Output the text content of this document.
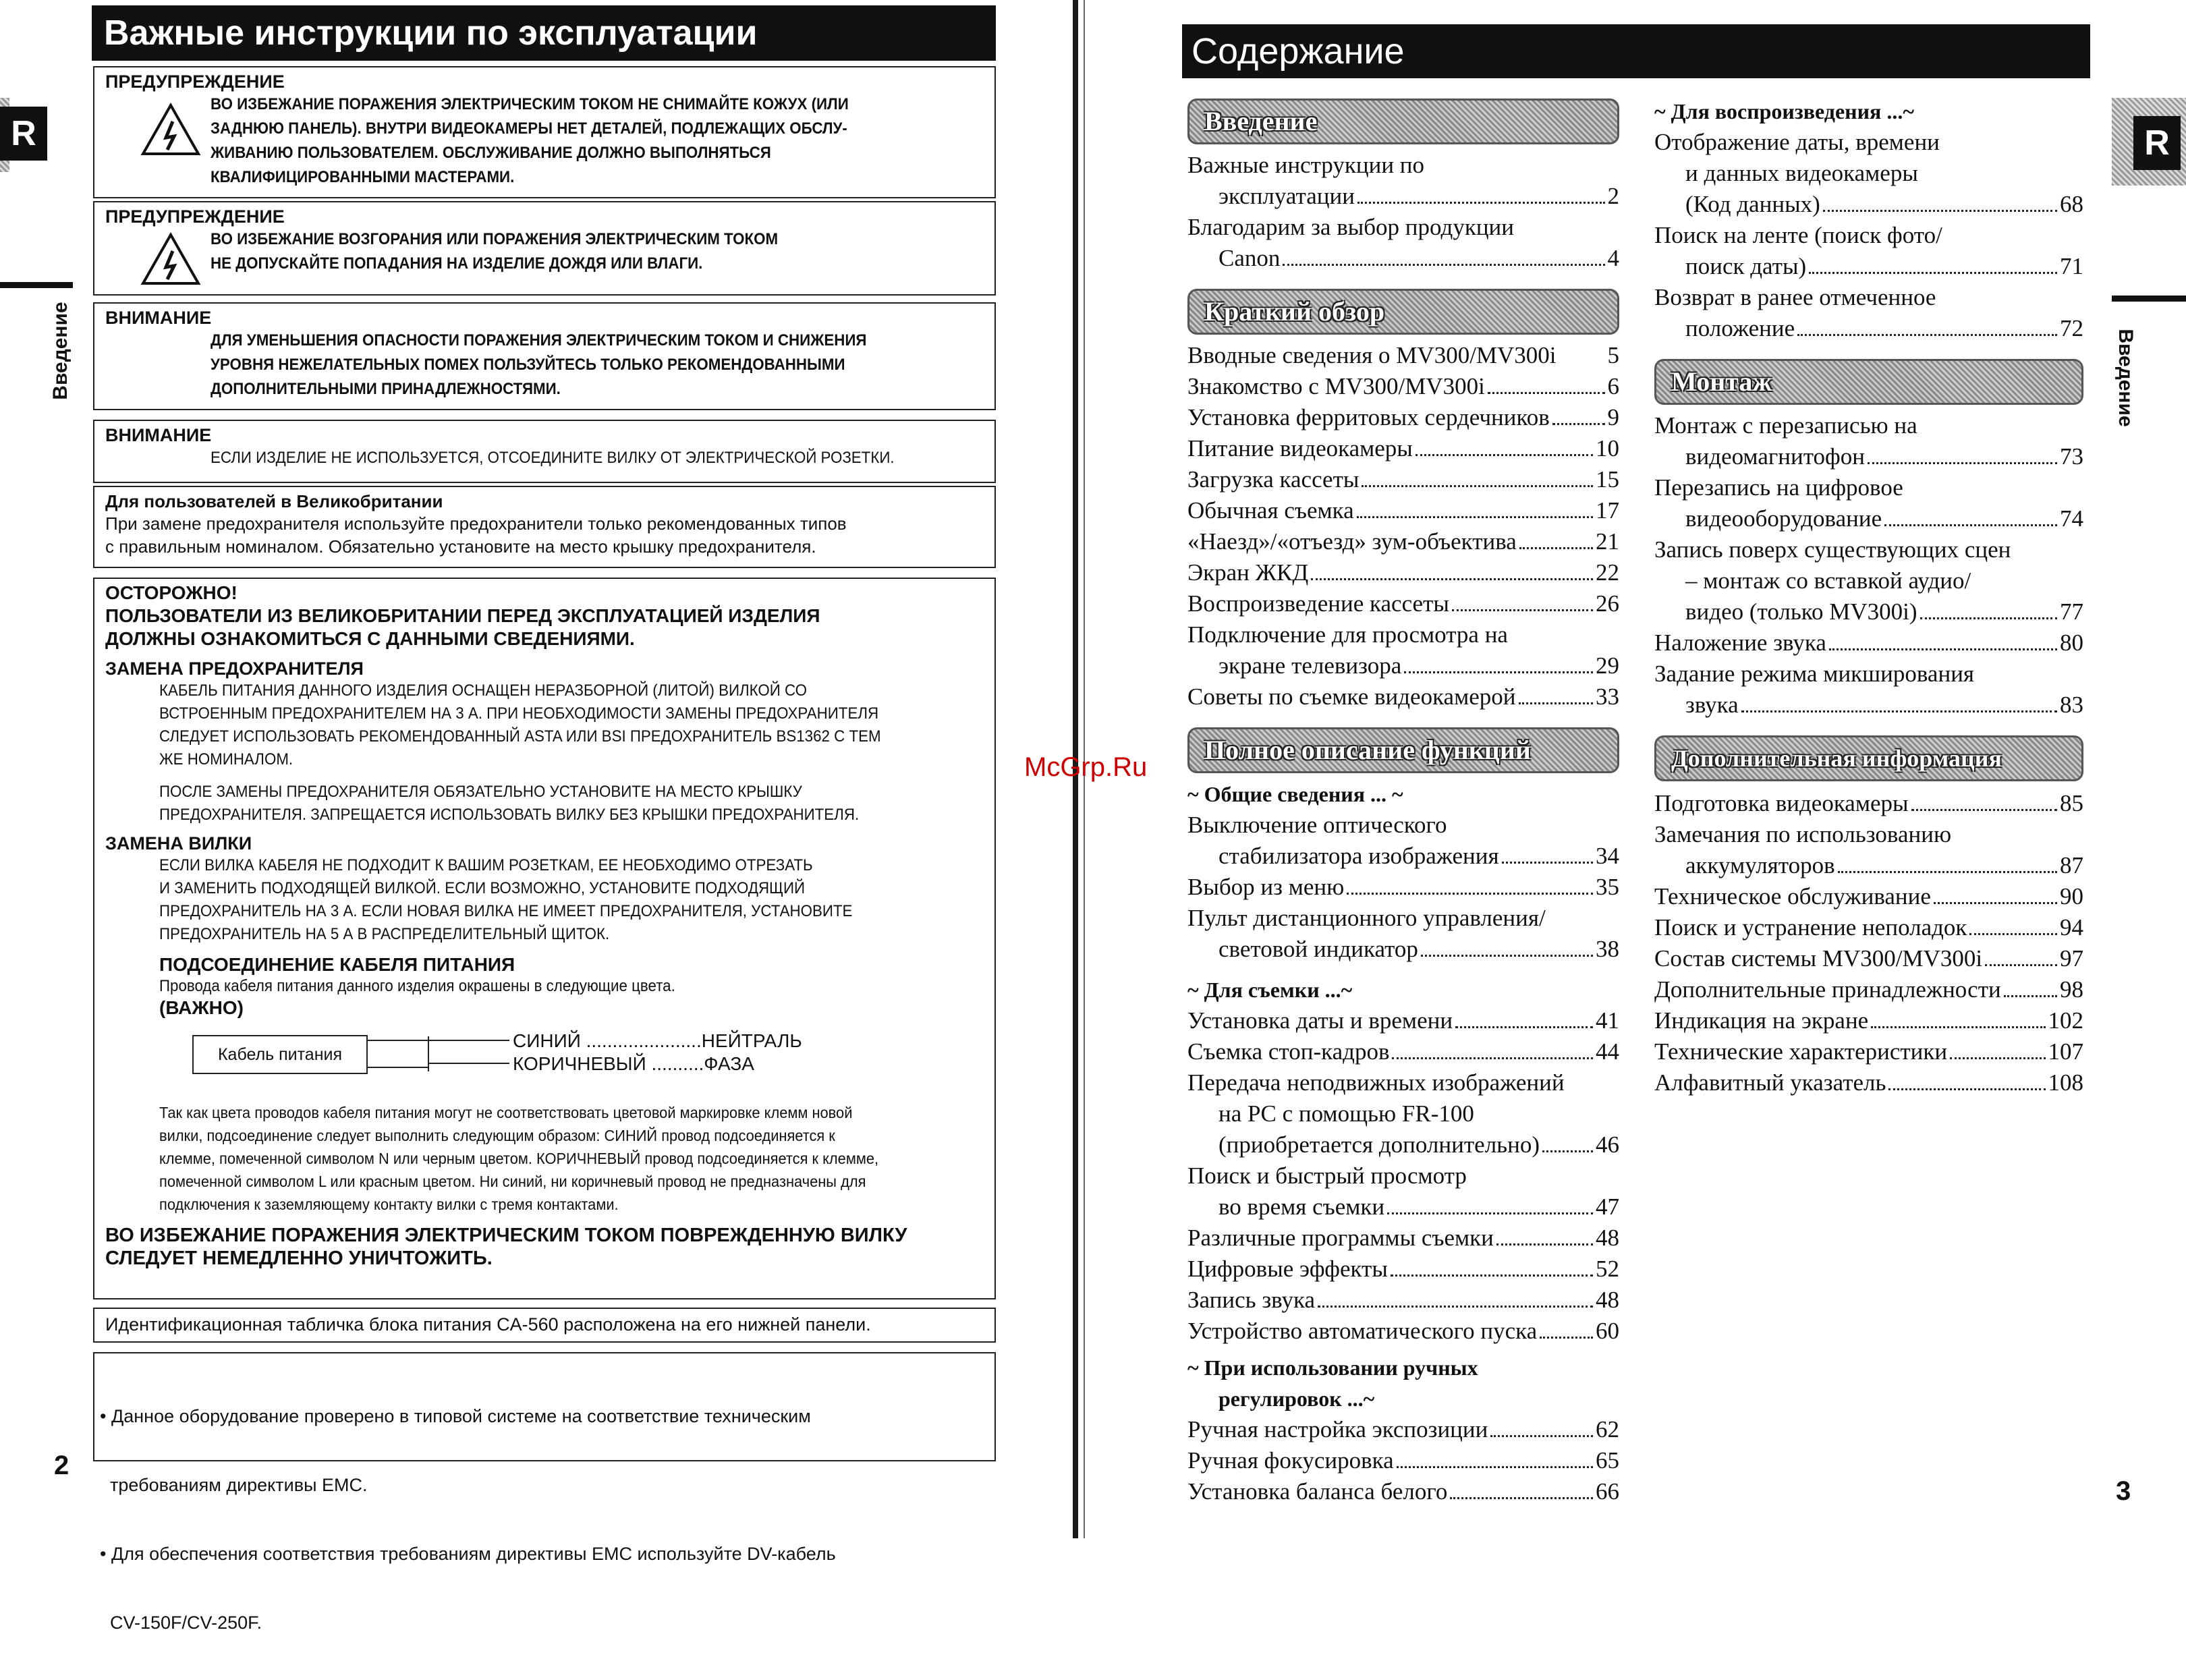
R
Введение
2
Важные инструкции по эксплуатации
ПРЕДУПРЕЖДЕНИЕ
ВО ИЗБЕЖАНИЕ ПОРАЖЕНИЯ ЭЛЕКТРИЧЕСКИМ ТОКОМ НЕ СНИМАЙТЕ КОЖУХ (ИЛИ
ЗАДНЮЮ ПАНЕЛЬ). ВНУТРИ ВИДЕОКАМЕРЫ НЕТ ДЕТАЛЕЙ, ПОДЛЕЖАЩИХ ОБСЛУ-
ЖИВАНИЮ ПОЛЬЗОВАТЕЛЕМ. ОБСЛУЖИВАНИЕ ДОЛЖНО ВЫПОЛНЯТЬСЯ
КВАЛИФИЦИРОВАННЫМИ МАСТЕРАМИ.
ПРЕДУПРЕЖДЕНИЕ
ВО ИЗБЕЖАНИЕ ВОЗГОРАНИЯ ИЛИ ПОРАЖЕНИЯ ЭЛЕКТРИЧЕСКИМ ТОКОМ
НЕ ДОПУСКАЙТЕ ПОПАДАНИЯ НА ИЗДЕЛИЕ ДОЖДЯ ИЛИ ВЛАГИ.
ВНИМАНИЕ
ДЛЯ УМЕНЬШЕНИЯ ОПАСНОСТИ ПОРАЖЕНИЯ ЭЛЕКТРИЧЕСКИМ ТОКОМ И СНИЖЕНИЯ
УРОВНЯ НЕЖЕЛАТЕЛЬНЫХ ПОМЕХ ПОЛЬЗУЙТЕСЬ ТОЛЬКО РЕКОМЕНДОВАННЫМИ
ДОПОЛНИТЕЛЬНЫМИ ПРИНАДЛЕЖНОСТЯМИ.
ВНИМАНИЕ
ЕСЛИ ИЗДЕЛИЕ НЕ ИСПОЛЬЗУЕТСЯ, ОТСОЕДИНИТЕ ВИЛКУ ОТ ЭЛЕКТРИЧЕСКОЙ РОЗЕТКИ.
Для пользователей в Великобритании
При замене предохранителя используйте предохранители только рекомендованных типов
с правильным номиналом. Обязательно установите на место крышку предохранителя.
ОСТОРОЖНО!
ПОЛЬЗОВАТЕЛИ ИЗ ВЕЛИКОБРИТАНИИ ПЕРЕД ЭКСПЛУАТАЦИЕЙ ИЗДЕЛИЯ
ДОЛЖНЫ ОЗНАКОМИТЬСЯ С ДАННЫМИ СВЕДЕНИЯМИ.
ЗАМЕНА ПРЕДОХРАНИТЕЛЯ
КАБЕЛЬ ПИТАНИЯ ДАННОГО ИЗДЕЛИЯ ОСНАЩЕН НЕРАЗБОРНОЙ (ЛИТОЙ) ВИЛКОЙ СО
ВСТРОЕННЫМ ПРЕДОХРАНИТЕЛЕМ НА 3 А. ПРИ НЕОБХОДИМОСТИ ЗАМЕНЫ ПРЕДОХРАНИТЕЛЯ
СЛЕДУЕТ ИСПОЛЬЗОВАТЬ РЕКОМЕНДОВАННЫЙ ASTA ИЛИ BSI ПРЕДОХРАНИТЕЛЬ BS1362 С ТЕМ
ЖЕ НОМИНАЛОМ.
ПОСЛЕ ЗАМЕНЫ ПРЕДОХРАНИТЕЛЯ ОБЯЗАТЕЛЬНО УСТАНОВИТЕ НА МЕСТО КРЫШКУ
ПРЕДОХРАНИТЕЛЯ. ЗАПРЕЩАЕТСЯ ИСПОЛЬЗОВАТЬ ВИЛКУ БЕЗ КРЫШКИ ПРЕДОХРАНИТЕЛЯ.
ЗАМЕНА ВИЛКИ
ЕСЛИ ВИЛКА КАБЕЛЯ НЕ ПОДХОДИТ К ВАШИМ РОЗЕТКАМ, ЕЕ НЕОБХОДИМО ОТРЕЗАТЬ
И ЗАМЕНИТЬ ПОДХОДЯЩЕЙ ВИЛКОЙ. ЕСЛИ ВОЗМОЖНО, УСТАНОВИТЕ ПОДХОДЯЩИЙ
ПРЕДОХРАНИТЕЛЬ НА 3 А. ЕСЛИ НОВАЯ ВИЛКА НЕ ИМЕЕТ ПРЕДОХРАНИТЕЛЯ, УСТАНОВИТЕ
ПРЕДОХРАНИТЕЛЬ НА 5 А В РАСПРЕДЕЛИТЕЛЬНЫЙ ЩИТОК.
ПОДСОЕДИНЕНИЕ КАБЕЛЯ ПИТАНИЯ
Провода кабеля питания данного изделия окрашены в следующие цвета.
(ВАЖНО)
Кабель питания
СИНИЙ ......................НЕЙТРАЛЬ
КОРИЧНЕВЫЙ ..........ФАЗА
Так как цвета проводов кабеля питания могут не соответствовать цветовой маркировке клемм новой
вилки, подсоединение следует выполнить следующим образом: СИНИЙ провод подсоединяется к
клемме, помеченной символом N или черным цветом. КОРИЧНЕВЫЙ провод подсоединяется к клемме,
помеченной символом L или красным цветом. Ни синий, ни коричневый провод не предназначены для
подключения к заземляющему контакту вилки с тремя контактами.
ВО ИЗБЕЖАНИЕ ПОРАЖЕНИЯ ЭЛЕКТРИЧЕСКИМ ТОКОМ ПОВРЕЖДЕННУЮ ВИЛКУ
СЛЕДУЕТ НЕМЕДЛЕННО УНИЧТОЖИТЬ.
Идентификационная табличка блока питания CA-560 расположена на его нижней панели.

• Данное оборудование проверено в типовой системе на соответствие техническим

требованиям директивы EMC.

• Для обеспечения соответствия требованиям директивы EMC используйте DV-кабель

CV-150F/CV-250F.

McGrp.Ru
Содержание
R
Введение
3
Введение
Важные инструкции по
эксплуатации	2
Благодарим за выбор продукции
Canon	4
Краткий обзор
Вводные сведения о MV300/MV300i 5
Знакомство с MV300/MV300i	6
Установка ферритовых сердечников 9
Питание видеокамеры	10
Загрузка кассеты	15
Обычная съемка	17
«Наезд»/«отъезд» зум-объектива	21
Экран ЖКД	22
Воспроизведение кассеты	26
Подключение для просмотра на
экране телевизора	29
Советы по съемке видеокамерой	33
Полное описание функций
~ Общие сведения ... ~
Выключение оптического
стабилизатора изображения	34
Выбор из меню	35
Пульт дистанционного управления/
световой индикатор	38
~ Для съемки ...~
Установка даты и времени	41
Съемка стоп-кадров	44
Передача неподвижных изображений
на PC с помощью FR-100
(приобретается дополнительно) 46
Поиск и быстрый просмотр
во время съемки	47
Различные программы съемки	48
Цифровые эффекты	52
Запись звука	48
Устройство автоматического пуска 60
~ При использовании ручных
регулировок ...~
Ручная настройка экспозиции	62
Ручная фокусировка	65
Установка баланса белого	66
~ Для воспроизведения ...~
Отображение даты, времени
и данных видеокамеры
(Код данных)	68
Поиск на ленте (поиск фото/
поиск даты)	71
Возврат в ранее отмеченное
положение	72
Монтаж
Монтаж с перезаписью на
видеомагнитофон	73
Перезапись на цифровое
видеооборудование	74
Запись поверх существующих сцен
– монтаж со вставкой аудио/
видео (только MV300i)	77
Наложение звука	80
Задание режима микширования
звука	83
Дополнительная информация
Подготовка видеокамеры	85
Замечания по использованию
аккумуляторов	87
Техническое обслуживание	90
Поиск и устранение неполадок	94
Состав системы MV300/MV300i	97
Дополнительные принадлежности 98
Индикация на экране	102
Технические характеристики	107
Алфавитный указатель	108
